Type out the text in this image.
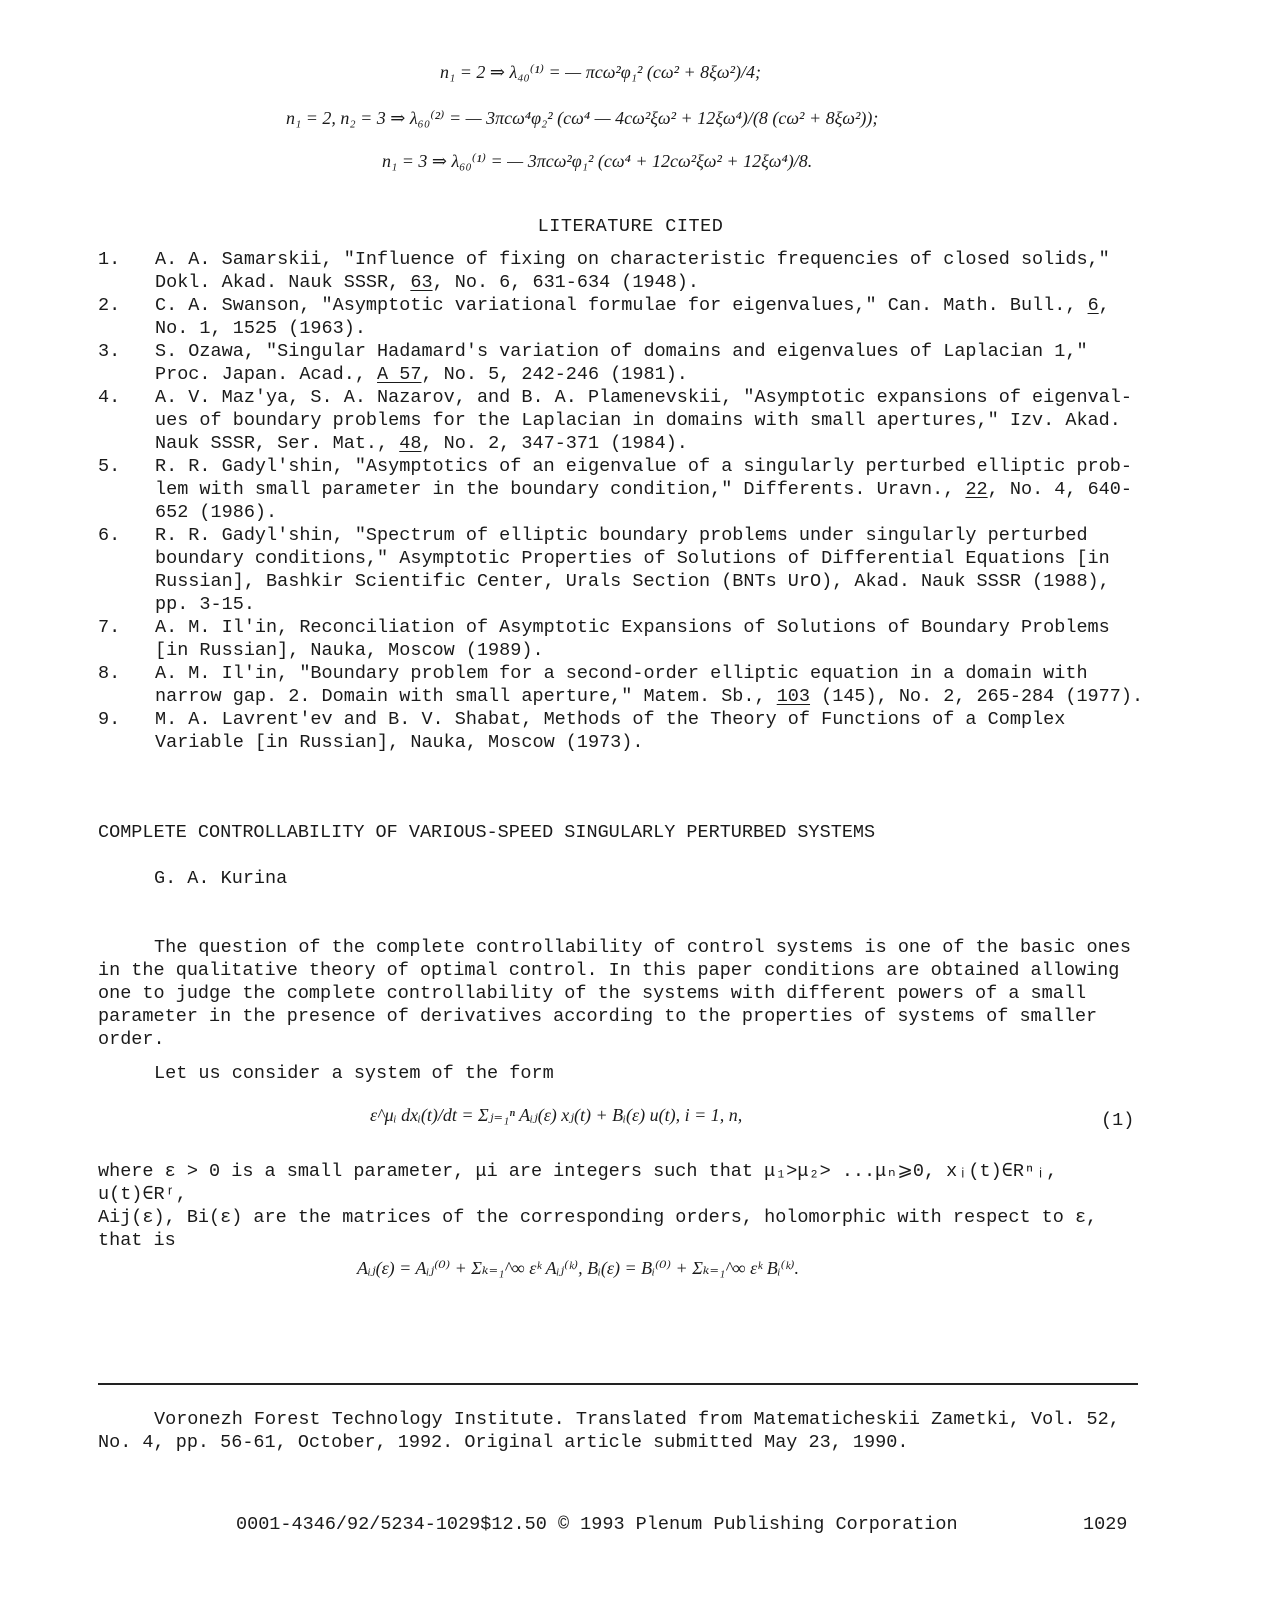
n₁ = 2 ⇒ λ₄₀⁽¹⁾ = — πcω²φ₁² (cω² + 8ξω²)/4;
n₁ = 2, n₂ = 3 ⇒ λ₆₀⁽²⁾ = — 3πcω⁴φ₂² (cω⁴ — 4cω²ξω² + 12ξω⁴)/(8 (cω² + 8ξω²));
n₁ = 3 ⇒ λ₆₀⁽¹⁾ = — 3πcω²φ₁² (cω⁴ + 12cω²ξω² + 12ξω⁴)/8.
LITERATURE CITED
1.	A. A. Samarskii, "Influence of fixing on characteristic frequencies of closed solids,"
Dokl. Akad. Nauk SSSR, 63, No. 6, 631-634 (1948).
2.	C. A. Swanson, "Asymptotic variational formulae for eigenvalues," Can. Math. Bull., 6,
No. 1, 1525 (1963).
3.	S. Ozawa, "Singular Hadamard's variation of domains and eigenvalues of Laplacian 1,"
Proc. Japan. Acad., A 57, No. 5, 242-246 (1981).
4.	A. V. Maz'ya, S. A. Nazarov, and B. A. Plamenevskii, "Asymptotic expansions of eigenval-
ues of boundary problems for the Laplacian in domains with small apertures," Izv. Akad.
Nauk SSSR, Ser. Mat., 48, No. 2, 347-371 (1984).
5.	R. R. Gadyl'shin, "Asymptotics of an eigenvalue of a singularly perturbed elliptic prob-
lem with small parameter in the boundary condition," Differents. Uravn., 22, No. 4, 640-
652 (1986).
6.	R. R. Gadyl'shin, "Spectrum of elliptic boundary problems under singularly perturbed
boundary conditions," Asymptotic Properties of Solutions of Differential Equations [in
Russian], Bashkir Scientific Center, Urals Section (BNTs UrO), Akad. Nauk SSSR (1988),
pp. 3-15.
7.	A. M. Il'in, Reconciliation of Asymptotic Expansions of Solutions of Boundary Problems
[in Russian], Nauka, Moscow (1989).
8.	A. M. Il'in, "Boundary problem for a second-order elliptic equation in a domain with
narrow gap. 2. Domain with small aperture," Matem. Sb., 103 (145), No. 2, 265-284 (1977).
9.	M. A. Lavrent'ev and B. V. Shabat, Methods of the Theory of Functions of a Complex
Variable [in Russian], Nauka, Moscow (1973).
COMPLETE CONTROLLABILITY OF VARIOUS-SPEED SINGULARLY PERTURBED SYSTEMS
G. A. Kurina

The question of the complete controllability of control systems is one of the basic ones in the qualitative theory of optimal control. In this paper conditions are obtained allowing one to judge the complete controllability of the systems with different powers of a small parameter in the presence of derivatives according to the properties of systems of smaller order.

Let us consider a system of the form

ε^μᵢ dxᵢ(t)/dt = Σⱼ₌₁ⁿ Aᵢⱼ(ε) xⱼ(t) + Bᵢ(ε) u(t), i = 1, n,	(1)

where ε > 0 is a small parameter, μi are integers such that μ₁>μ₂> ...μₙ⩾0, xᵢ(t)∈Rⁿᵢ, u(t)∈Rʳ,
Aij(ε), Bi(ε) are the matrices of the corresponding orders, holomorphic with respect to ε,
that is

Aᵢⱼ(ε) = Aᵢⱼ⁽⁰⁾ + Σₖ₌₁^∞ εᵏ Aᵢⱼ⁽ᵏ⁾, Bᵢ(ε) = Bᵢ⁽⁰⁾ + Σₖ₌₁^∞ εᵏ Bᵢ⁽ᵏ⁾.

Voronezh Forest Technology Institute. Translated from Matematicheskii Zametki, Vol. 52, No. 4, pp. 56-61, October, 1992. Original article submitted May 23, 1990.

0001-4346/92/5234-1029$12.50 © 1993 Plenum Publishing Corporation	1029
